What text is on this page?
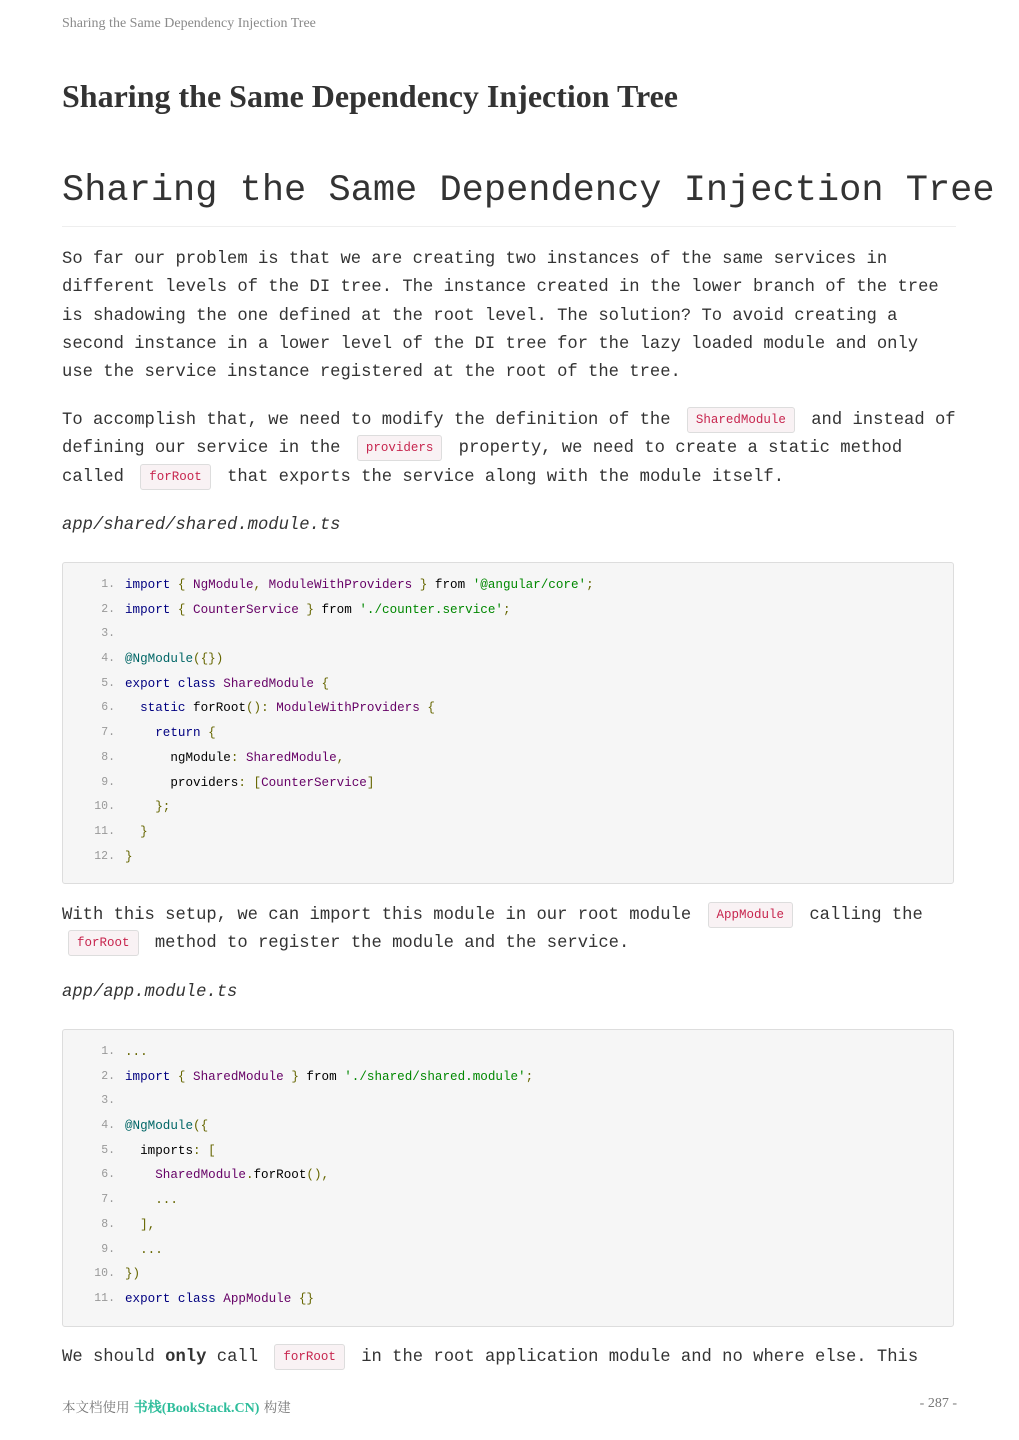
Sharing the Same Dependency Injection Tree
Sharing the Same Dependency Injection Tree
Sharing the Same Dependency Injection Tree
So far our problem is that we are creating two instances of the same services in
different levels of the DI tree. The instance created in the lower branch of the tree
is shadowing the one defined at the root level. The solution? To avoid creating a
second instance in a lower level of the DI tree for the lazy loaded module and only
use the service instance registered at the root of the tree.
To accomplish that, we need to modify the definition of the SharedModule and instead of
defining our service in the providers property, we need to create a static method
called forRoot that exports the service along with the module itself.

app/shared/shared.module.ts

1. import { NgModule, ModuleWithProviders } from '@angular/core';
2. import { CounterService } from './counter.service';
3.
4. @NgModule({})
5. export class SharedModule {
6.	static forRoot(): ModuleWithProviders {
7.	return {
8. ngModule: SharedModule,
9. providers: [CounterService]
10.	};
11.	}
12. }
With this setup, we can import this module in our root module AppModule calling the
forRoot method to register the module and the service.

app/app.module.ts

1. ...
2. import { SharedModule } from './shared/shared.module';
3.
4. @NgModule({
5. imports: [
6.	SharedModule.forRoot(),
7.	...
8.	],
9.	...
10. })
11. export class AppModule {}
We should only call forRoot in the root application module and no where else. This
本文档使用 书栈(BookStack.CN) 构建	- 287 -
